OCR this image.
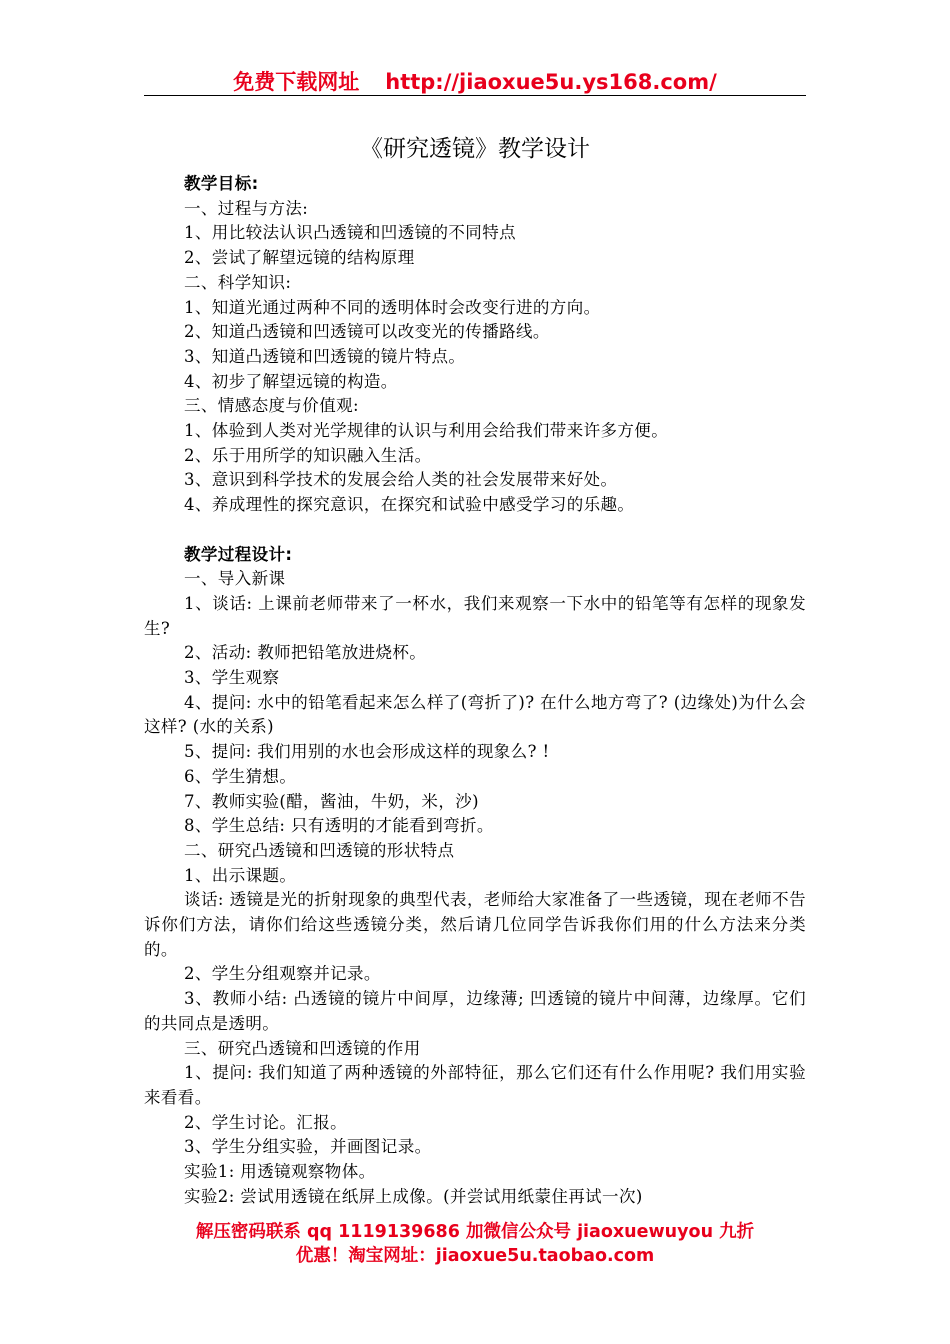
免费下载网址 http://jiaoxue5u.ys168.com/
《研究透镜》教学设计

教学目标:

一、过程与方法:

1、用比较法认识凸透镜和凹透镜的不同特点

2、尝试了解望远镜的结构原理

二、科学知识:

1、知道光通过两种不同的透明体时会改变行进的方向。

2、知道凸透镜和凹透镜可以改变光的传播路线。

3、知道凸透镜和凹透镜的镜片特点。

4、初步了解望远镜的构造。

三、情感态度与价值观:

1、体验到人类对光学规律的认识与利用会给我们带来许多方便。

2、乐于用所学的知识融入生活。

3、意识到科学技术的发展会给人类的社会发展带来好处。

4、养成理性的探究意识，在探究和试验中感受学习的乐趣。

教学过程设计:

一、导入新课

1、谈话: 上课前老师带来了一杯水，我们来观察一下水中的铅笔等有怎样的现象发生?

2、活动: 教师把铅笔放进烧杯。

3、学生观察

4、提问: 水中的铅笔看起来怎么样了(弯折了)? 在什么地方弯了? (边缘处)为什么会这样? (水的关系)

5、提问: 我们用别的水也会形成这样的现象么? !

6、学生猜想。

7、教师实验(醋，酱油，牛奶，米，沙)

8、学生总结: 只有透明的才能看到弯折。

二、研究凸透镜和凹透镜的形状特点

1、出示课题。

谈话: 透镜是光的折射现象的典型代表，老师给大家准备了一些透镜，现在老师不告诉你们方法，请你们给这些透镜分类，然后请几位同学告诉我你们用的什么方法来分类的。

2、学生分组观察并记录。

3、教师小结: 凸透镜的镜片中间厚，边缘薄; 凹透镜的镜片中间薄，边缘厚。它们的共同点是透明。

三、研究凸透镜和凹透镜的作用

1、提问: 我们知道了两种透镜的外部特征，那么它们还有什么作用呢? 我们用实验来看看。

2、学生讨论。汇报。

3、学生分组实验，并画图记录。

实验1: 用透镜观察物体。

实验2: 尝试用透镜在纸屏上成像。(并尝试用纸蒙住再试一次)

解压密码联系 qq 1119139686 加微信公众号 jiaoxuewuyou 九折
优惠！淘宝网址：jiaoxue5u.taobao.com
